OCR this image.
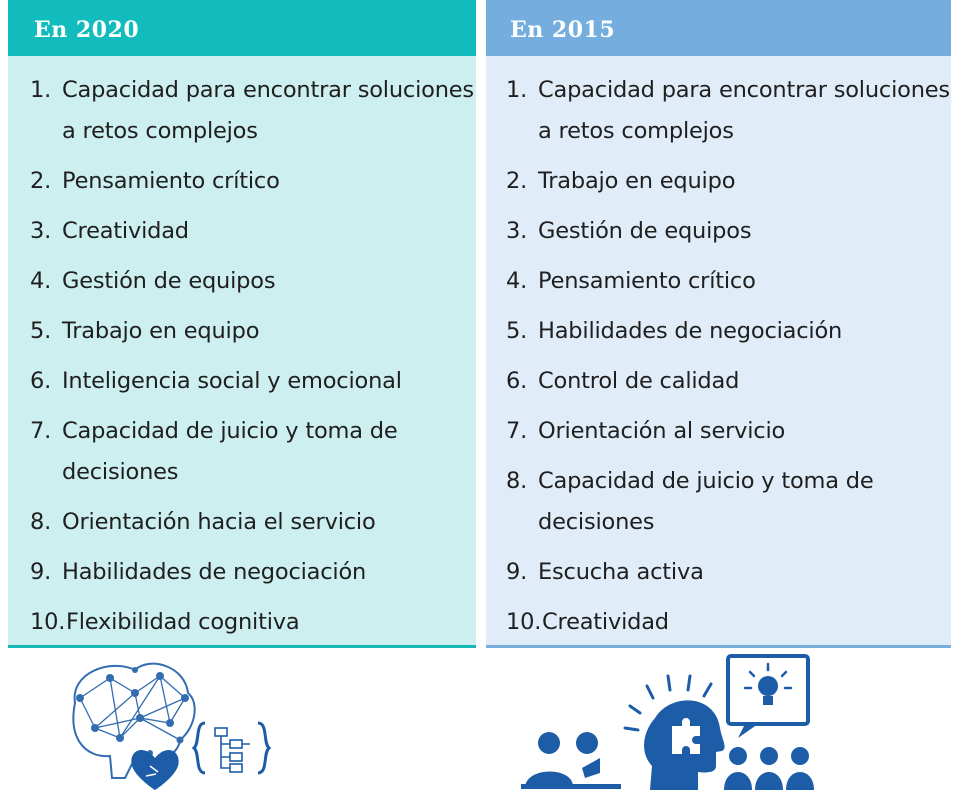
En 2020
1. Capacidad para encontrar soluciones a retos complejos
2. Pensamiento crítico
3. Creatividad
4. Gestión de equipos
5. Trabajo en equipo
6. Inteligencia social y emocional
7. Capacidad de juicio y toma de decisiones
8. Orientación hacia el servicio
9. Habilidades de negociación
10. Flexibilidad cognitiva
En 2015
1. Capacidad para encontrar soluciones a retos complejos
2. Trabajo en equipo
3. Gestión de equipos
4. Pensamiento crítico
5. Habilidades de negociación
6. Control de calidad
7. Orientación al servicio
8. Capacidad de juicio y toma de decisiones
9. Escucha activa
10. Creatividad
